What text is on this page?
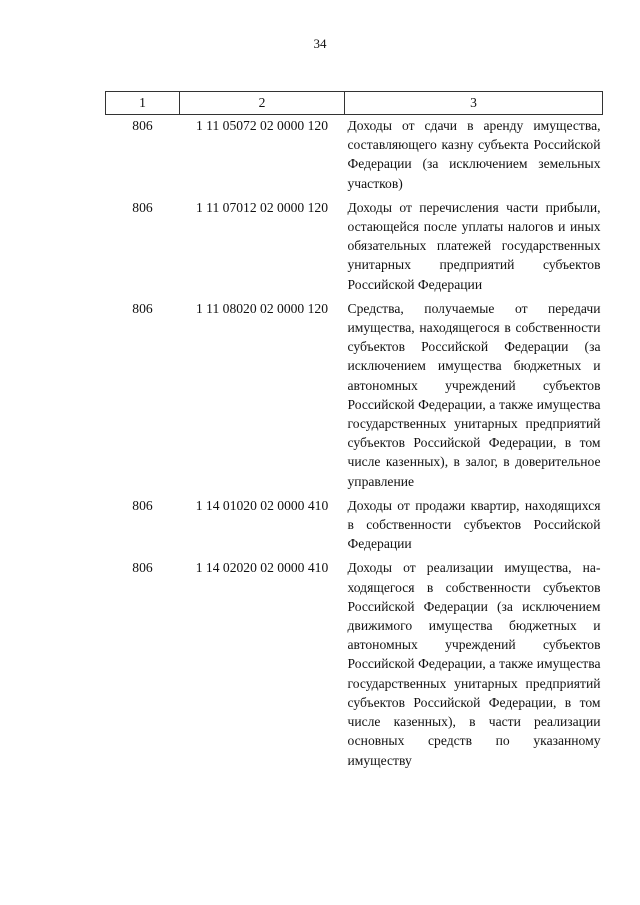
34
1	2	3
806	1 11 05072 02 0000 120	Доходы от сдачи в аренду имущества, составляющего казну субъекта Российской Федерации (за исключением земельных участков)
806	1 11 07012 02 0000 120	Доходы от перечисления части прибыли, остающейся после уплаты налогов и иных обязательных платежей государственных унитарных предприятий субъектов Российской Федерации
806	1 11 08020 02 0000 120	Средства, получаемые от передачи имущества, находящегося в собственности субъектов Российской Федерации (за исключением имущества бюджетных и автономных учреждений субъектов Российской Федерации, а также имущества государственных унитарных предприятий субъектов Российской Федерации, в том числе казенных), в залог, в доверительное управление
806	1 14 01020 02 0000 410	Доходы от продажи квартир, находящихся в собственности субъектов Российской Федерации
806	1 14 02020 02 0000 410	Доходы от реализации имущества, находящегося в собственности субъектов Российской Федерации (за исключением движимого имущества бюджетных и автономных учреждений субъектов Российской Федерации, а также имущества государственных унитарных предприятий субъектов Российской Федерации, в том числе казенных), в части реализации основных средств по указанному имуществу
